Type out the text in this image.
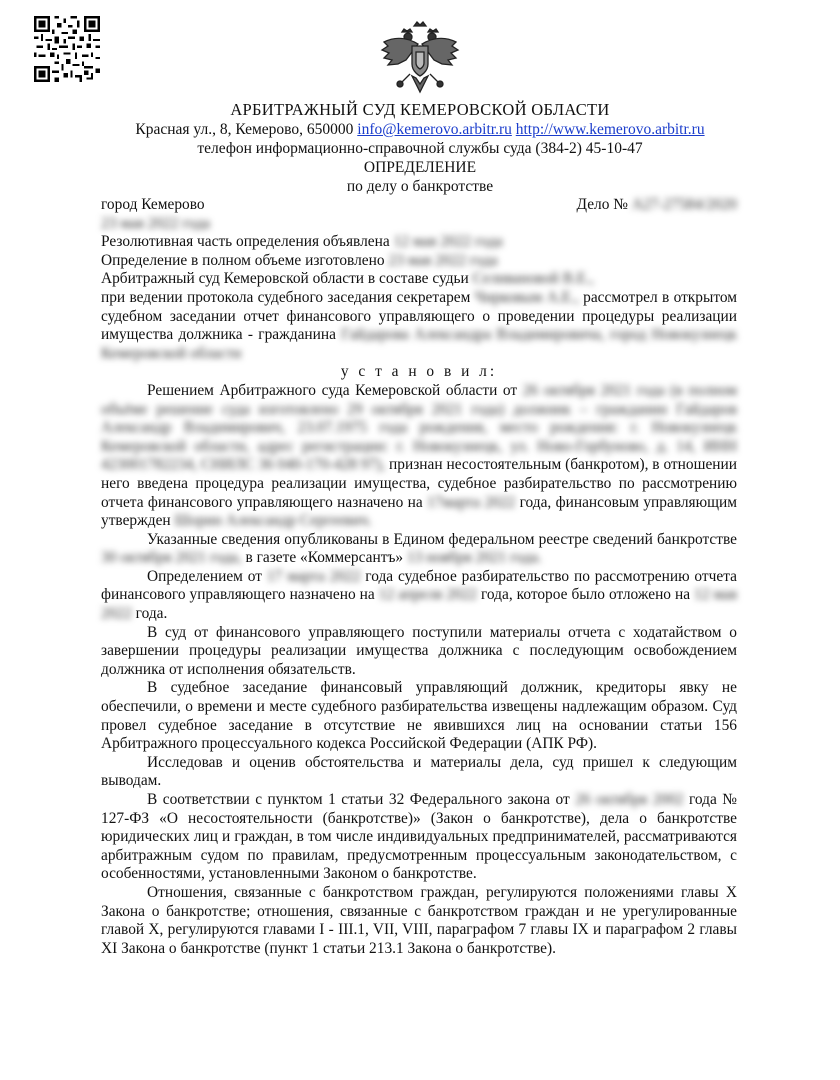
АРБИТРАЖНЫЙ СУД КЕМЕРОВСКОЙ ОБЛАСТИ
Красная ул., 8, Кемерово, 650000 info@kemerovo.arbitr.ru http://www.kemerovo.arbitr.ru
телефон информационно-справочной службы суда (384-2) 45-10-47
ОПРЕДЕЛЕНИЕ
по делу о банкротстве
город Кемерово	Дело № А27-27584/2020
23 мая 2022 года
Резолютивная часть определения объявлена 12 мая 2022 года
Определение в полном объеме изготовлено 23 мая 2022 года
Арбитражный суд Кемеровской области в составе судьи Селивановой В.Е.,

при ведении протокола судебного заседания секретарем Чирковым А.Е., рассмотрел в открытом судебном заседании отчет финансового управляющего о проведении процедуры реализации имущества должника - гражданина Гайдарова Александра Владимировича, город Новокузнецк Кемеровской области

у с т а н о в и л:

Решением Арбитражного суда Кемеровской области от 26 октября 2021 года (в полном объёме решение суда изготовлено 29 октября 2021 года) должник – гражданин Гайдаров Александр Владимирович, 23.07.1975 года рождения, место рождения: г. Новокузнецк Кемеровской области, адрес регистрации: г. Новокузнецк, ул. Ново-Горбуново, д. 14, ИНН 423001782234, СНИЛС 36 040-170-428 97), признан несостоятельным (банкротом), в отношении него введена процедура реализации имущества, судебное разбирательство по рассмотрению отчета финансового управляющего назначено на 17марта 2022 года, финансовым управляющим утвержден Шорин Александр Сергеевич.

Указанные сведения опубликованы в Едином федеральном реестре сведений банкротстве 30 октября 2021 года, в газете «Коммерсантъ» 13 ноября 2021 года.

Определением от 17 марта 2022 года судебное разбирательство по рассмотрению отчета финансового управляющего назначено на 12 апреля 2022 года, которое было отложено на 12 мая 2022 года.

В суд от финансового управляющего поступили материалы отчета с ходатайством о завершении процедуры реализации имущества должника с последующим освобождением должника от исполнения обязательств.

В судебное заседание финансовый управляющий должник, кредиторы явку не обеспечили, о времени и месте судебного разбирательства извещены надлежащим образом. Суд провел судебное заседание в отсутствие не явившихся лиц на основании статьи 156 Арбитражного процессуального кодекса Российской Федерации (АПК РФ).

Исследовав и оценив обстоятельства и материалы дела, суд пришел к следующим выводам.

В соответствии с пунктом 1 статьи 32 Федерального закона от 26 октября 2002 года № 127-ФЗ «О несостоятельности (банкротстве)» (Закон о банкротстве), дела о банкротстве юридических лиц и граждан, в том числе индивидуальных предпринимателей, рассматриваются арбитражным судом по правилам, предусмотренным процессуальным законодательством, с особенностями, установленными Законом о банкротстве.

Отношения, связанные с банкротством граждан, регулируются положениями главы X Закона о банкротстве; отношения, связанные с банкротством граждан и не урегулированные главой X, регулируются главами I - III.1, VII, VIII, параграфом 7 главы IX и параграфом 2 главы XI Закона о банкротстве (пункт 1 статьи 213.1 Закона о банкротстве).
